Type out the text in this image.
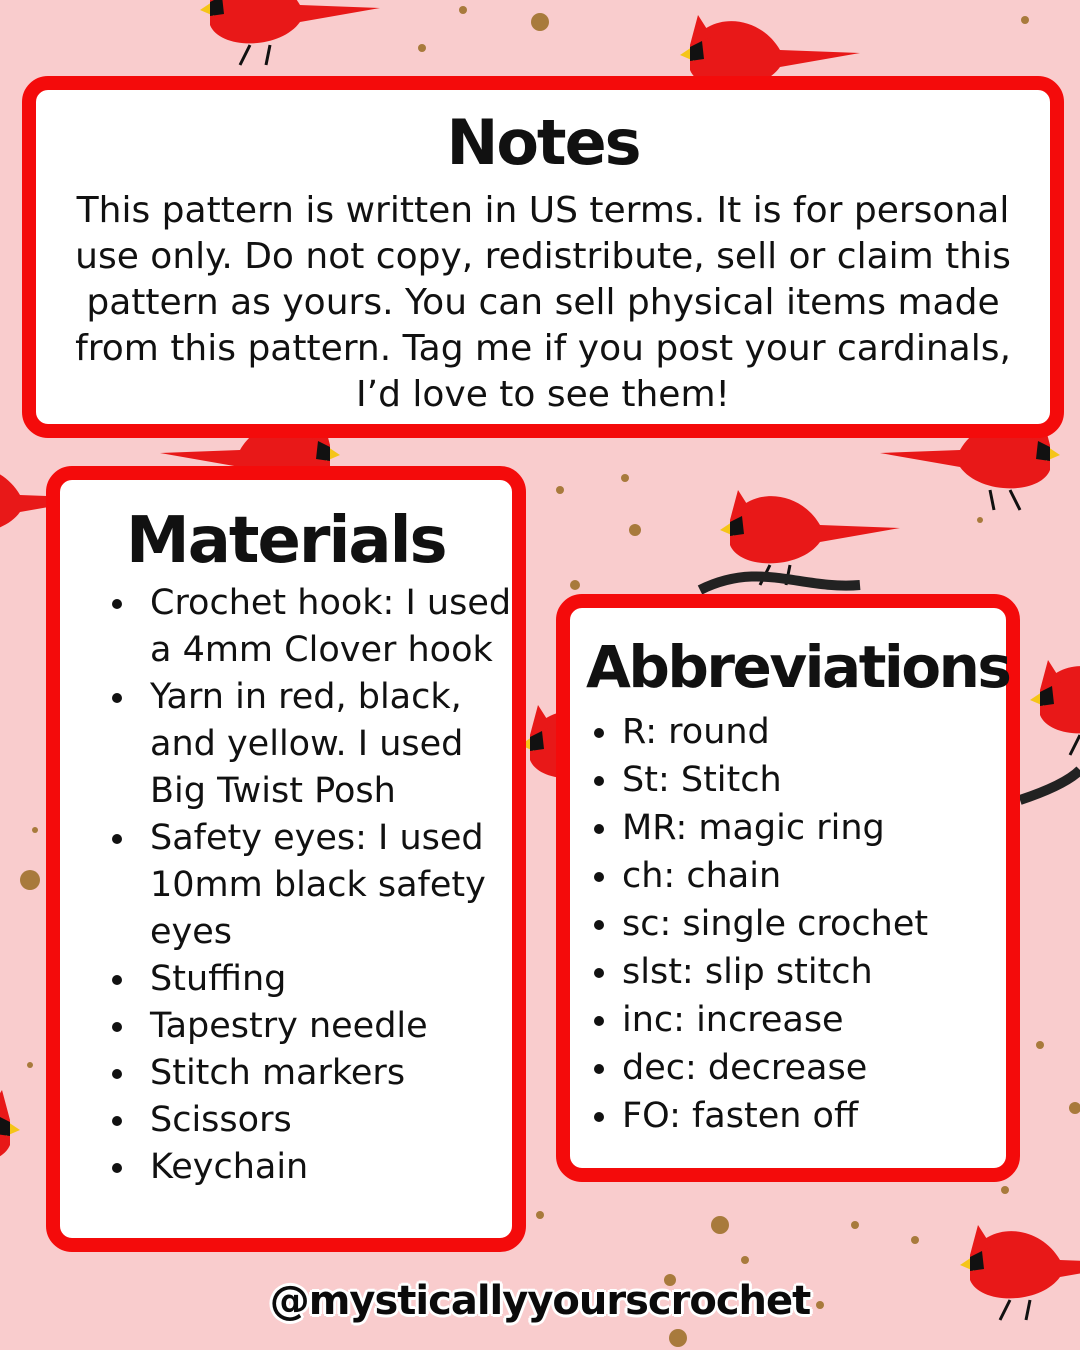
Notes

This pattern is written in US terms. It is for personal use only. Do not copy, redistribute, sell or claim this pattern as yours. You can sell physical items made from this pattern. Tag me if you post your cardinals, I’d love to see them!

Materials
Crochet hook: I used a 4mm Clover hook
Yarn in red, black, and yellow. I used Big Twist Posh
Safety eyes: I used 10mm black safety eyes
Stuffing
Tapestry needle
Stitch markers
Scissors
Keychain
Abbreviations
R: round
St: Stitch
MR: magic ring
ch: chain
sc: single crochet
slst: slip stitch
inc: increase
dec: decrease
FO: fasten off
@mysticallyyourscrochet
